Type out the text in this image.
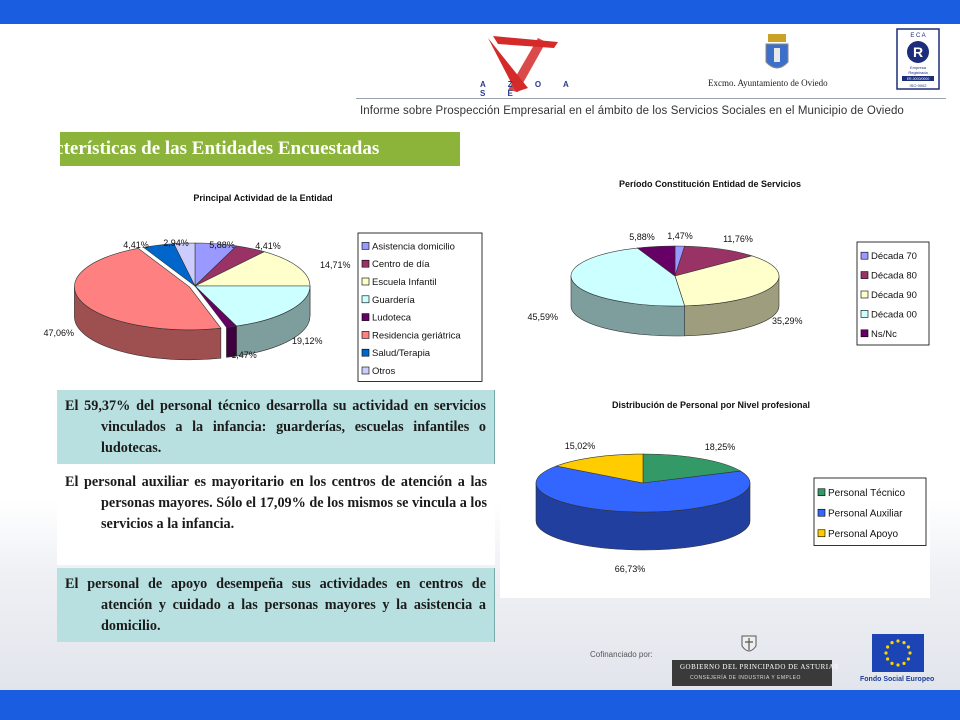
A Z O A S E
Excmo. Ayuntamiento de Oviedo
E C A
R
Empresa
Registrada
ER-0000/0000
ISO 9002
Informe sobre Prospección Empresarial en el ámbito de los Servicios Sociales en el Municipio de Oviedo
Características de las Entidades Encuestadas
Principal Actividad de la Entidad
5,88% 4,41%
14,71%
19,12%
1,47%
47,06%
4,41% 2,94%	Asistencia domicilio
Centro de día
Escuela Infantil
Guardería
Ludoteca
Residencia geriátrica
Salud/Terapia
Otros
Período Constitución Entidad de Servicios
1,47%	11,76%
35,29%
45,59%
5,88%
Década 70
Década 80
Década 90
Década 00
Ns/Nc
Distribución de Personal por Nivel profesional
18,25%
66,73%
15,02%
Personal Técnico
Personal Auxiliar
Personal Apoyo

El 59,37% del personal técnico desarrolla su actividad en servicios vinculados a la infancia: guarderías, escuelas infantiles o ludotecas.

El personal auxiliar es mayoritario en los centros de atención a las personas mayores. Sólo el 17,09% de los mismos se vincula a los servicios a la infancia.

El personal de apoyo desempeña sus actividades en centros de atención y cuidado a las personas mayores y la asistencia a domicilio.

Cofinanciado por:
GOBIERNO DEL PRINCIPADO DE ASTURIAS
CONSEJERÍA DE INDUSTRIA Y EMPLEO	Fondo Social Europeo
